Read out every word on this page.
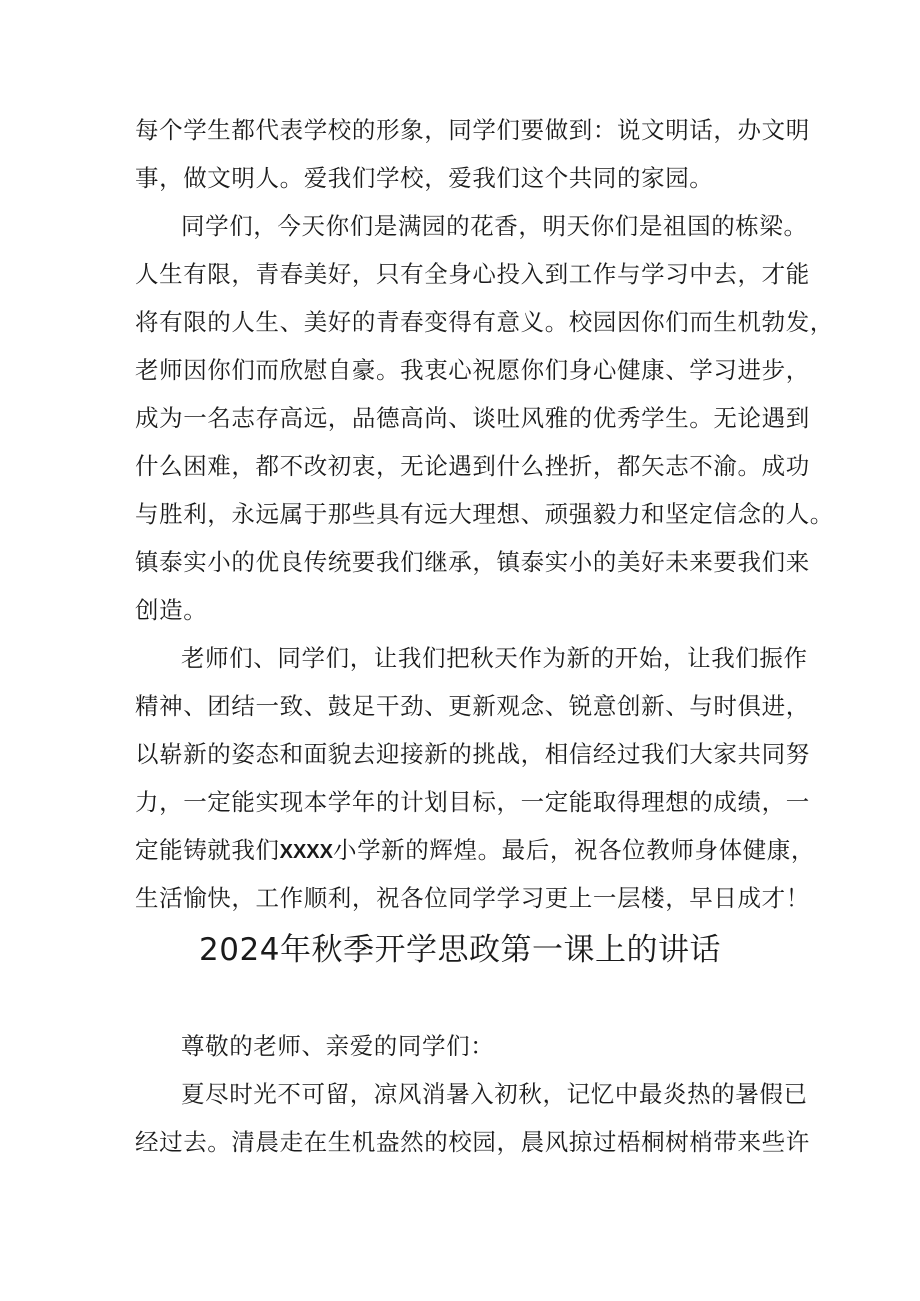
每个学生都代表学校的形象，同学们要做到：说文明话，办文明
事，做文明人。爱我们学校，爱我们这个共同的家园。
同学们，今天你们是满园的花香，明天你们是祖国的栋梁。
人生有限，青春美好，只有全身心投入到工作与学习中去，才能
将有限的人生、美好的青春变得有意义。校园因你们而生机勃发，
老师因你们而欣慰自豪。我衷心祝愿你们身心健康、学习进步，
成为一名志存高远，品德高尚、谈吐风雅的优秀学生。无论遇到
什么困难，都不改初衷，无论遇到什么挫折，都矢志不渝。成功
与胜利，永远属于那些具有远大理想、顽强毅力和坚定信念的人。
镇泰实小的优良传统要我们继承，镇泰实小的美好未来要我们来
创造。
老师们、同学们，让我们把秋天作为新的开始，让我们振作
精神、团结一致、鼓足干劲、更新观念、锐意创新、与时俱进，
以崭新的姿态和面貌去迎接新的挑战，相信经过我们大家共同努
力，一定能实现本学年的计划目标，一定能取得理想的成绩，一
定能铸就我们XXXX小学新的辉煌。最后，祝各位教师身体健康，
生活愉快，工作顺利，祝各位同学学习更上一层楼，早日成才！
2024年秋季开学思政第一课上的讲话
尊敬的老师、亲爱的同学们：
夏尽时光不可留，凉风消暑入初秋，记忆中最炎热的暑假已
经过去。清晨走在生机盎然的校园，晨风掠过梧桐树梢带来些许
